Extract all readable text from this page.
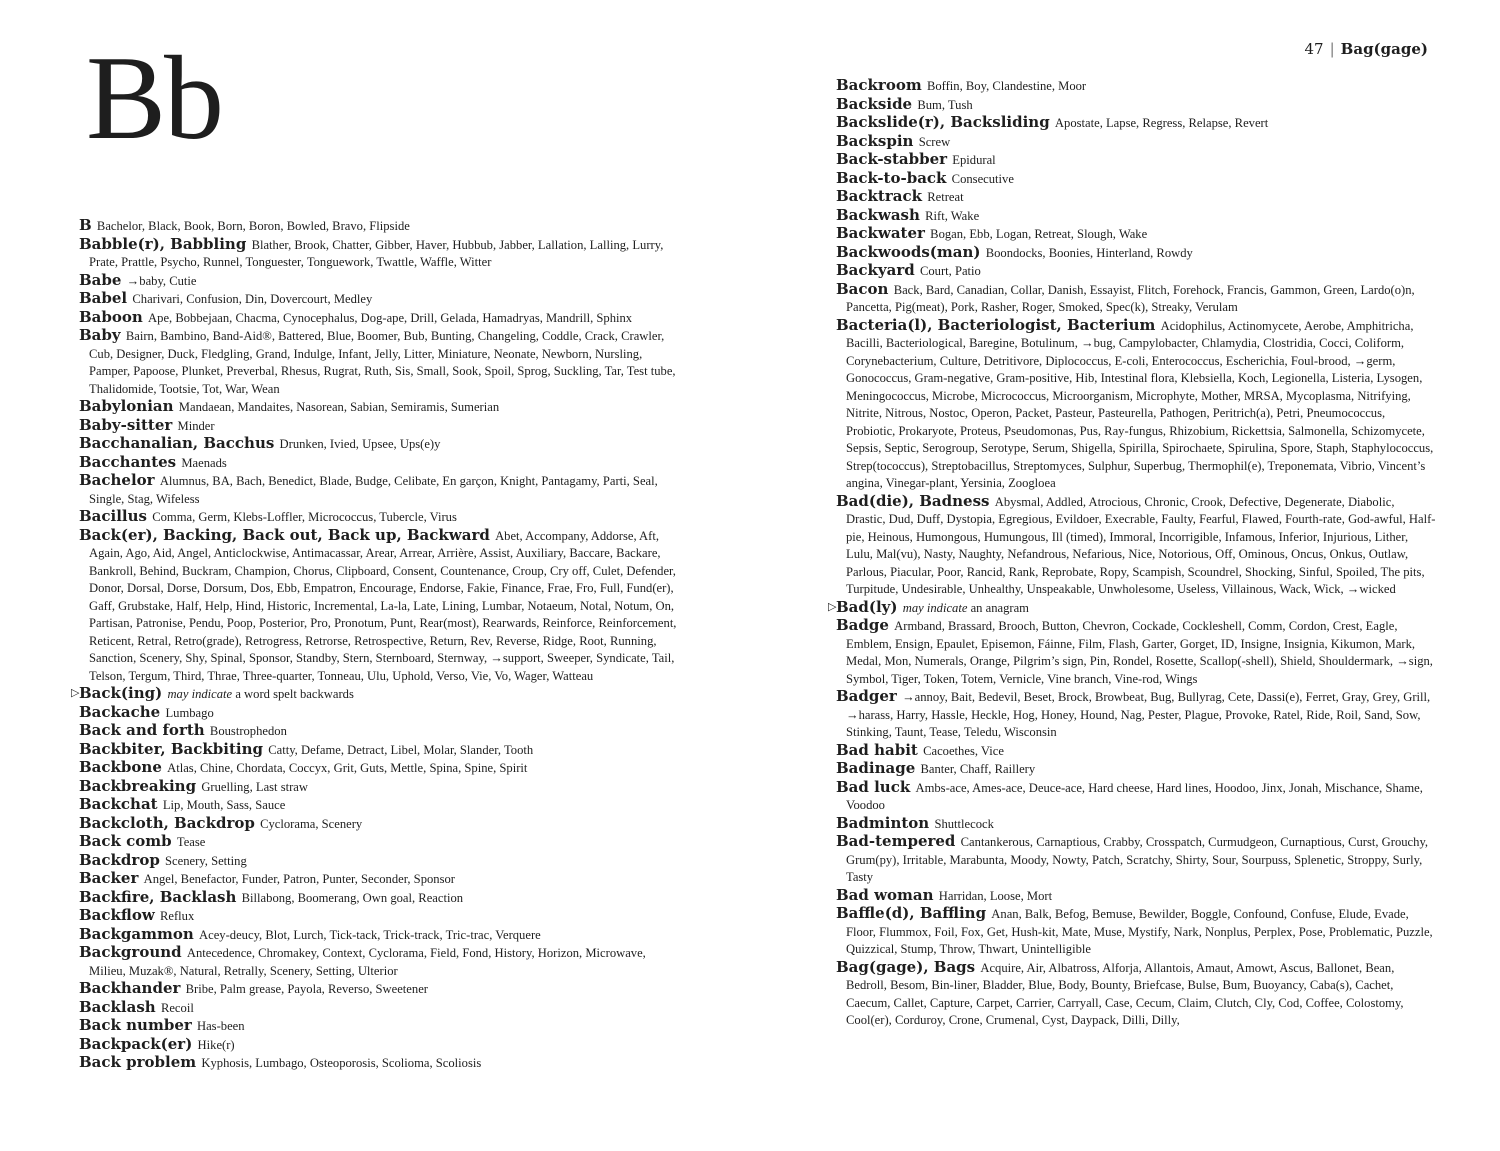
47 | Bag(gage)
Bb
B Bachelor, Black, Book, Born, Boron, Bowled, Bravo, Flipside
Babble(r), Babbling Blather, Brook, Chatter, Gibber, Haver, Hubbub, Jabber, Lallation, Lalling, Lurry, Prate, Prattle, Psycho, Runnel, Tonguester, Tonguework, Twattle, Waffle, Witter
Babe →baby, Cutie
Babel Charivari, Confusion, Din, Dovercourt, Medley
Baboon Ape, Bobbejaan, Chacma, Cynocephalus, Dog-ape, Drill, Gelada, Hamadryas, Mandrill, Sphinx
Baby Bairn, Bambino, Band-Aid®, Battered, Blue, Boomer, Bub, Bunting, Changeling, Coddle, Crack, Crawler, Cub, Designer, Duck, Fledgling, Grand, Indulge, Infant, Jelly, Litter, Miniature, Neonate, Newborn, Nursling, Pamper, Papoose, Plunket, Preverbal, Rhesus, Rugrat, Ruth, Sis, Small, Sook, Spoil, Sprog, Suckling, Tar, Test tube, Thalidomide, Tootsie, Tot, War, Wean
Babylonian Mandaean, Mandaites, Nasorean, Sabian, Semiramis, Sumerian
Baby-sitter Minder
Bacchanalian, Bacchus Drunken, Ivied, Upsee, Ups(e)y
Bacchantes Maenads
Bachelor Alumnus, BA, Bach, Benedict, Blade, Budge, Celibate, En garçon, Knight, Pantagamy, Parti, Seal, Single, Stag, Wifeless
Bacillus Comma, Germ, Klebs-Loffler, Micrococcus, Tubercle, Virus
Back(er), Backing, Back out, Back up, Backward Abet, Accompany, Addorse, Aft, Again, Ago, Aid, Angel, Anticlockwise, Antimacassar, Arear, Arrear, Arrière, Assist, Auxiliary, Baccare, Backare, Bankroll, Behind, Buckram, Champion, Chorus, Clipboard, Consent, Countenance, Croup, Cry off, Culet, Defender, Donor, Dorsal, Dorse, Dorsum, Dos, Ebb, Empatron, Encourage, Endorse, Fakie, Finance, Frae, Fro, Full, Fund(er), Gaff, Grubstake, Half, Help, Hind, Historic, Incremental, La-la, Late, Lining, Lumbar, Notaeum, Notal, Notum, On, Partisan, Patronise, Pendu, Poop, Posterior, Pro, Pronotum, Punt, Rear(most), Rearwards, Reinforce, Reinforcement, Reticent, Retral, Retro(grade), Retrogress, Retrorse, Retrospective, Return, Rev, Reverse, Ridge, Root, Running, Sanction, Scenery, Shy, Spinal, Sponsor, Standby, Stern, Sternboard, Sternway, →support, Sweeper, Syndicate, Tail, Telson, Tergum, Third, Thrae, Three-quarter, Tonneau, Ulu, Uphold, Verso, Vie, Vo, Wager, Watteau
▷ Back(ing) may indicate a word spelt backwards
Backache Lumbago
Back and forth Boustrophedon
Backbiter, Backbiting Catty, Defame, Detract, Libel, Molar, Slander, Tooth
Backbone Atlas, Chine, Chordata, Coccyx, Grit, Guts, Mettle, Spina, Spine, Spirit
Backbreaking Gruelling, Last straw
Backchat Lip, Mouth, Sass, Sauce
Backcloth, Backdrop Cyclorama, Scenery
Back comb Tease
Backdrop Scenery, Setting
Backer Angel, Benefactor, Funder, Patron, Punter, Seconder, Sponsor
Backfire, Backlash Billabong, Boomerang, Own goal, Reaction
Backflow Reflux
Backgammon Acey-deucy, Blot, Lurch, Tick-tack, Trick-track, Tric-trac, Verquere
Background Antecedence, Chromakey, Context, Cyclorama, Field, Fond, History, Horizon, Microwave, Milieu, Muzak®, Natural, Retrally, Scenery, Setting, Ulterior
Backhander Bribe, Palm grease, Payola, Reverso, Sweetener
Backlash Recoil
Back number Has-been
Backpack(er) Hike(r)
Back problem Kyphosis, Lumbago, Osteoporosis, Scolioma, Scoliosis
Backroom Boffin, Boy, Clandestine, Moor
Backside Bum, Tush
Backslide(r), Backsliding Apostate, Lapse, Regress, Relapse, Revert
Backspin Screw
Back-stabber Epidural
Back-to-back Consecutive
Backtrack Retreat
Backwash Rift, Wake
Backwater Bogan, Ebb, Logan, Retreat, Slough, Wake
Backwoods(man) Boondocks, Boonies, Hinterland, Rowdy
Backyard Court, Patio
Bacon Back, Bard, Canadian, Collar, Danish, Essayist, Flitch, Forehock, Francis, Gammon, Green, Lardo(o)n, Pancetta, Pig(meat), Pork, Rasher, Roger, Smoked, Spec(k), Streaky, Verulam
Bacteria(l), Bacteriologist, Bacterium Acidophilus, Actinomycete, Aerobe, Amphitricha, Bacilli, Bacteriological, Baregine, Botulinum, →bug, Campylobacter, Chlamydia, Clostridia, Cocci, Coliform, Corynebacterium, Culture, Detritivore, Diplococcus, E-coli, Enterococcus, Escherichia, Foul-brood, →germ, Gonococcus, Gram-negative, Gram-positive, Hib, Intestinal flora, Klebsiella, Koch, Legionella, Listeria, Lysogen, Meningococcus, Microbe, Micrococcus, Microorganism, Microphyte, Mother, MRSA, Mycoplasma, Nitrifying, Nitrite, Nitrous, Nostoc, Operon, Packet, Pasteur, Pasteurella, Pathogen, Peritrich(a), Petri, Pneumococcus, Probiotic, Prokaryote, Proteus, Pseudomonas, Pus, Ray-fungus, Rhizobium, Rickettsia, Salmonella, Schizomycete, Sepsis, Septic, Serogroup, Serotype, Serum, Shigella, Spirilla, Spirochaete, Spirulina, Spore, Staph, Staphylococcus, Strep(tococcus), Streptobacillus, Streptomyces, Sulphur, Superbug, Thermophil(e), Treponemata, Vibrio, Vincent’s angina, Vinegar-plant, Yersinia, Zoogloea
Bad(die), Badness Abysmal, Addled, Atrocious, Chronic, Crook, Defective, Degenerate, Diabolic, Drastic, Dud, Duff, Dystopia, Egregious, Evildoer, Execrable, Faulty, Fearful, Flawed, Fourth-rate, God-awful, Half-pie, Heinous, Humongous, Humungous, Ill (timed), Immoral, Incorrigible, Infamous, Inferior, Injurious, Lither, Lulu, Mal(vu), Nasty, Naughty, Nefandrous, Nefarious, Nice, Notorious, Off, Ominous, Oncus, Onkus, Outlaw, Parlous, Piacular, Poor, Rancid, Rank, Reprobate, Ropy, Scampish, Scoundrel, Shocking, Sinful, Spoiled, The pits, Turpitude, Undesirable, Unhealthy, Unspeakable, Unwholesome, Useless, Villainous, Wack, Wick, →wicked
▷ Bad(ly) may indicate an anagram
Badge Armband, Brassard, Brooch, Button, Chevron, Cockade, Cockleshell, Comm, Cordon, Crest, Eagle, Emblem, Ensign, Epaulet, Episemon, Fáinne, Film, Flash, Garter, Gorget, ID, Insigne, Insignia, Kikumon, Mark, Medal, Mon, Numerals, Orange, Pilgrim’s sign, Pin, Rondel, Rosette, Scallop(-shell), Shield, Shouldermark, →sign, Symbol, Tiger, Token, Totem, Vernicle, Vine branch, Vine-rod, Wings
Badger →annoy, Bait, Bedevil, Beset, Brock, Browbeat, Bug, Bullyrag, Cete, Dassi(e), Ferret, Gray, Grey, Grill, →harass, Harry, Hassle, Heckle, Hog, Honey, Hound, Nag, Pester, Plague, Provoke, Ratel, Ride, Roil, Sand, Sow, Stinking, Taunt, Tease, Teledu, Wisconsin
Bad habit Cacoethes, Vice
Badinage Banter, Chaff, Raillery
Bad luck Ambs-ace, Ames-ace, Deuce-ace, Hard cheese, Hard lines, Hoodoo, Jinx, Jonah, Mischance, Shame, Voodoo
Badminton Shuttlecock
Bad-tempered Cantankerous, Carnaptious, Crabby, Crosspatch, Curmudgeon, Curnaptious, Curst, Grouchy, Grum(py), Irritable, Marabunta, Moody, Nowty, Patch, Scratchy, Shirty, Sour, Sourpuss, Splenetic, Stroppy, Surly, Tasty
Bad woman Harridan, Loose, Mort
Baffle(d), Baffling Anan, Balk, Befog, Bemuse, Bewilder, Boggle, Confound, Confuse, Elude, Evade, Floor, Flummox, Foil, Fox, Get, Hush-kit, Mate, Muse, Mystify, Nark, Nonplus, Perplex, Pose, Problematic, Puzzle, Quizzical, Stump, Throw, Thwart, Unintelligible
Bag(gage), Bags Acquire, Air, Albatross, Alforja, Allantois, Amaut, Amowt, Ascus, Ballonet, Bean, Bedroll, Besom, Bin-liner, Bladder, Blue, Body, Bounty, Briefcase, Bulse, Bum, Buoyancy, Caba(s), Cachet, Caecum, Callet, Capture, Carpet, Carrier, Carryall, Case, Cecum, Claim, Clutch, Cly, Cod, Coffee, Colostomy, Cool(er), Corduroy, Crone, Crumenal, Cyst, Daypack, Dilli, Dilly,
